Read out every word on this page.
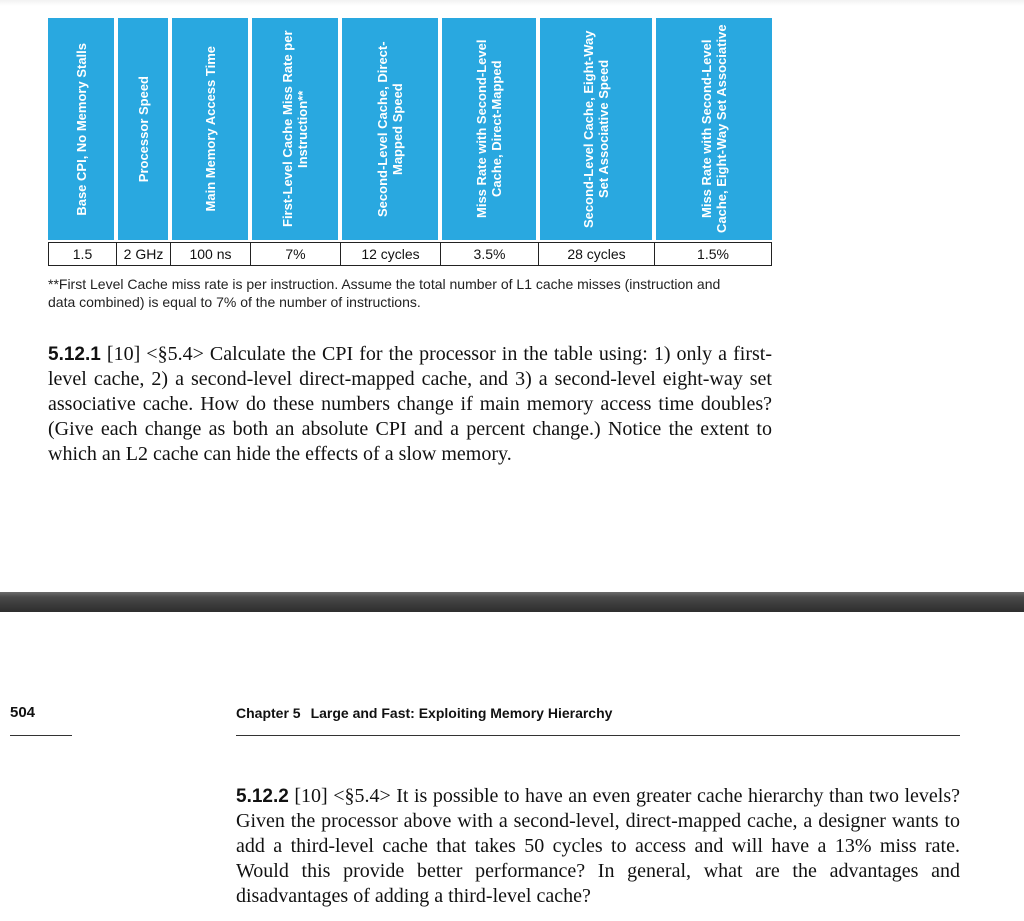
Base CPI, No Memory Stalls	Processor Speed	Main Memory Access Time	First-Level Cache Miss Rate per Instruction**	Second-Level Cache, Direct-Mapped Speed	Miss Rate with Second-Level Cache, Direct-Mapped	Second-Level Cache, Eight-Way Set Associative Speed	Miss Rate with Second-Level Cache, Eight-Way Set Associative
1.5	2 GHz	100 ns	7%	12 cycles	3.5%	28 cycles	1.5%
**First Level Cache miss rate is per instruction. Assume the total number of L1 cache misses (instruction and data combined) is equal to 7% of the number of instructions.
5.12.1 [10] <§5.4> Calculate the CPI for the processor in the table using: 1) only a first-level cache, 2) a second-level direct-mapped cache, and 3) a second-level eight-way set associative cache. How do these numbers change if main memory access time doubles? (Give each change as both an absolute CPI and a percent change.) Notice the extent to which an L2 cache can hide the effects of a slow memory.
504	Chapter 5 Large and Fast: Exploiting Memory Hierarchy
5.12.2 [10] <§5.4> It is possible to have an even greater cache hierarchy than two levels? Given the processor above with a second-level, direct-mapped cache, a designer wants to add a third-level cache that takes 50 cycles to access and will have a 13% miss rate. Would this provide better performance? In general, what are the advantages and disadvantages of adding a third-level cache?
